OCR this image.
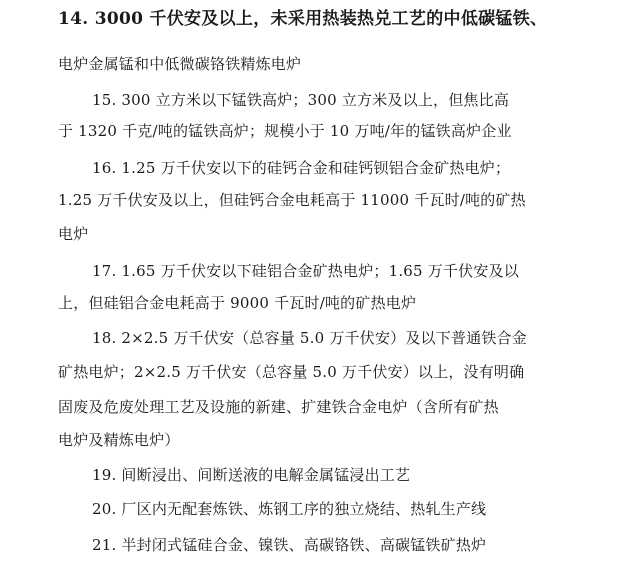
14. 3000 千伏安及以上，未采用热装热兑工艺的中低碳锰铁、
电炉金属锰和中低微碳铬铁精炼电炉
15. 300 立方米以下锰铁高炉；300 立方米及以上，但焦比高
于 1320 千克/吨的锰铁高炉；规模小于 10 万吨/年的锰铁高炉企业
16. 1.25 万千伏安以下的硅钙合金和硅钙钡铝合金矿热电炉；
1.25 万千伏安及以上，但硅钙合金电耗高于 11000 千瓦时/吨的矿热
电炉
17. 1.65 万千伏安以下硅铝合金矿热电炉；1.65 万千伏安及以
上，但硅铝合金电耗高于 9000 千瓦时/吨的矿热电炉
18. 2×2.5 万千伏安（总容量 5.0 万千伏安）及以下普通铁合金
矿热电炉；2×2.5 万千伏安（总容量 5.0 万千伏安）以上，没有明确
固废及危废处理工艺及设施的新建、扩建铁合金电炉（含所有矿热
电炉及精炼电炉）
19. 间断浸出、间断送液的电解金属锰浸出工艺
20. 厂区内无配套炼铁、炼钢工序的独立烧结、热轧生产线
21. 半封闭式锰硅合金、镍铁、高碳铬铁、高碳锰铁矿热炉
